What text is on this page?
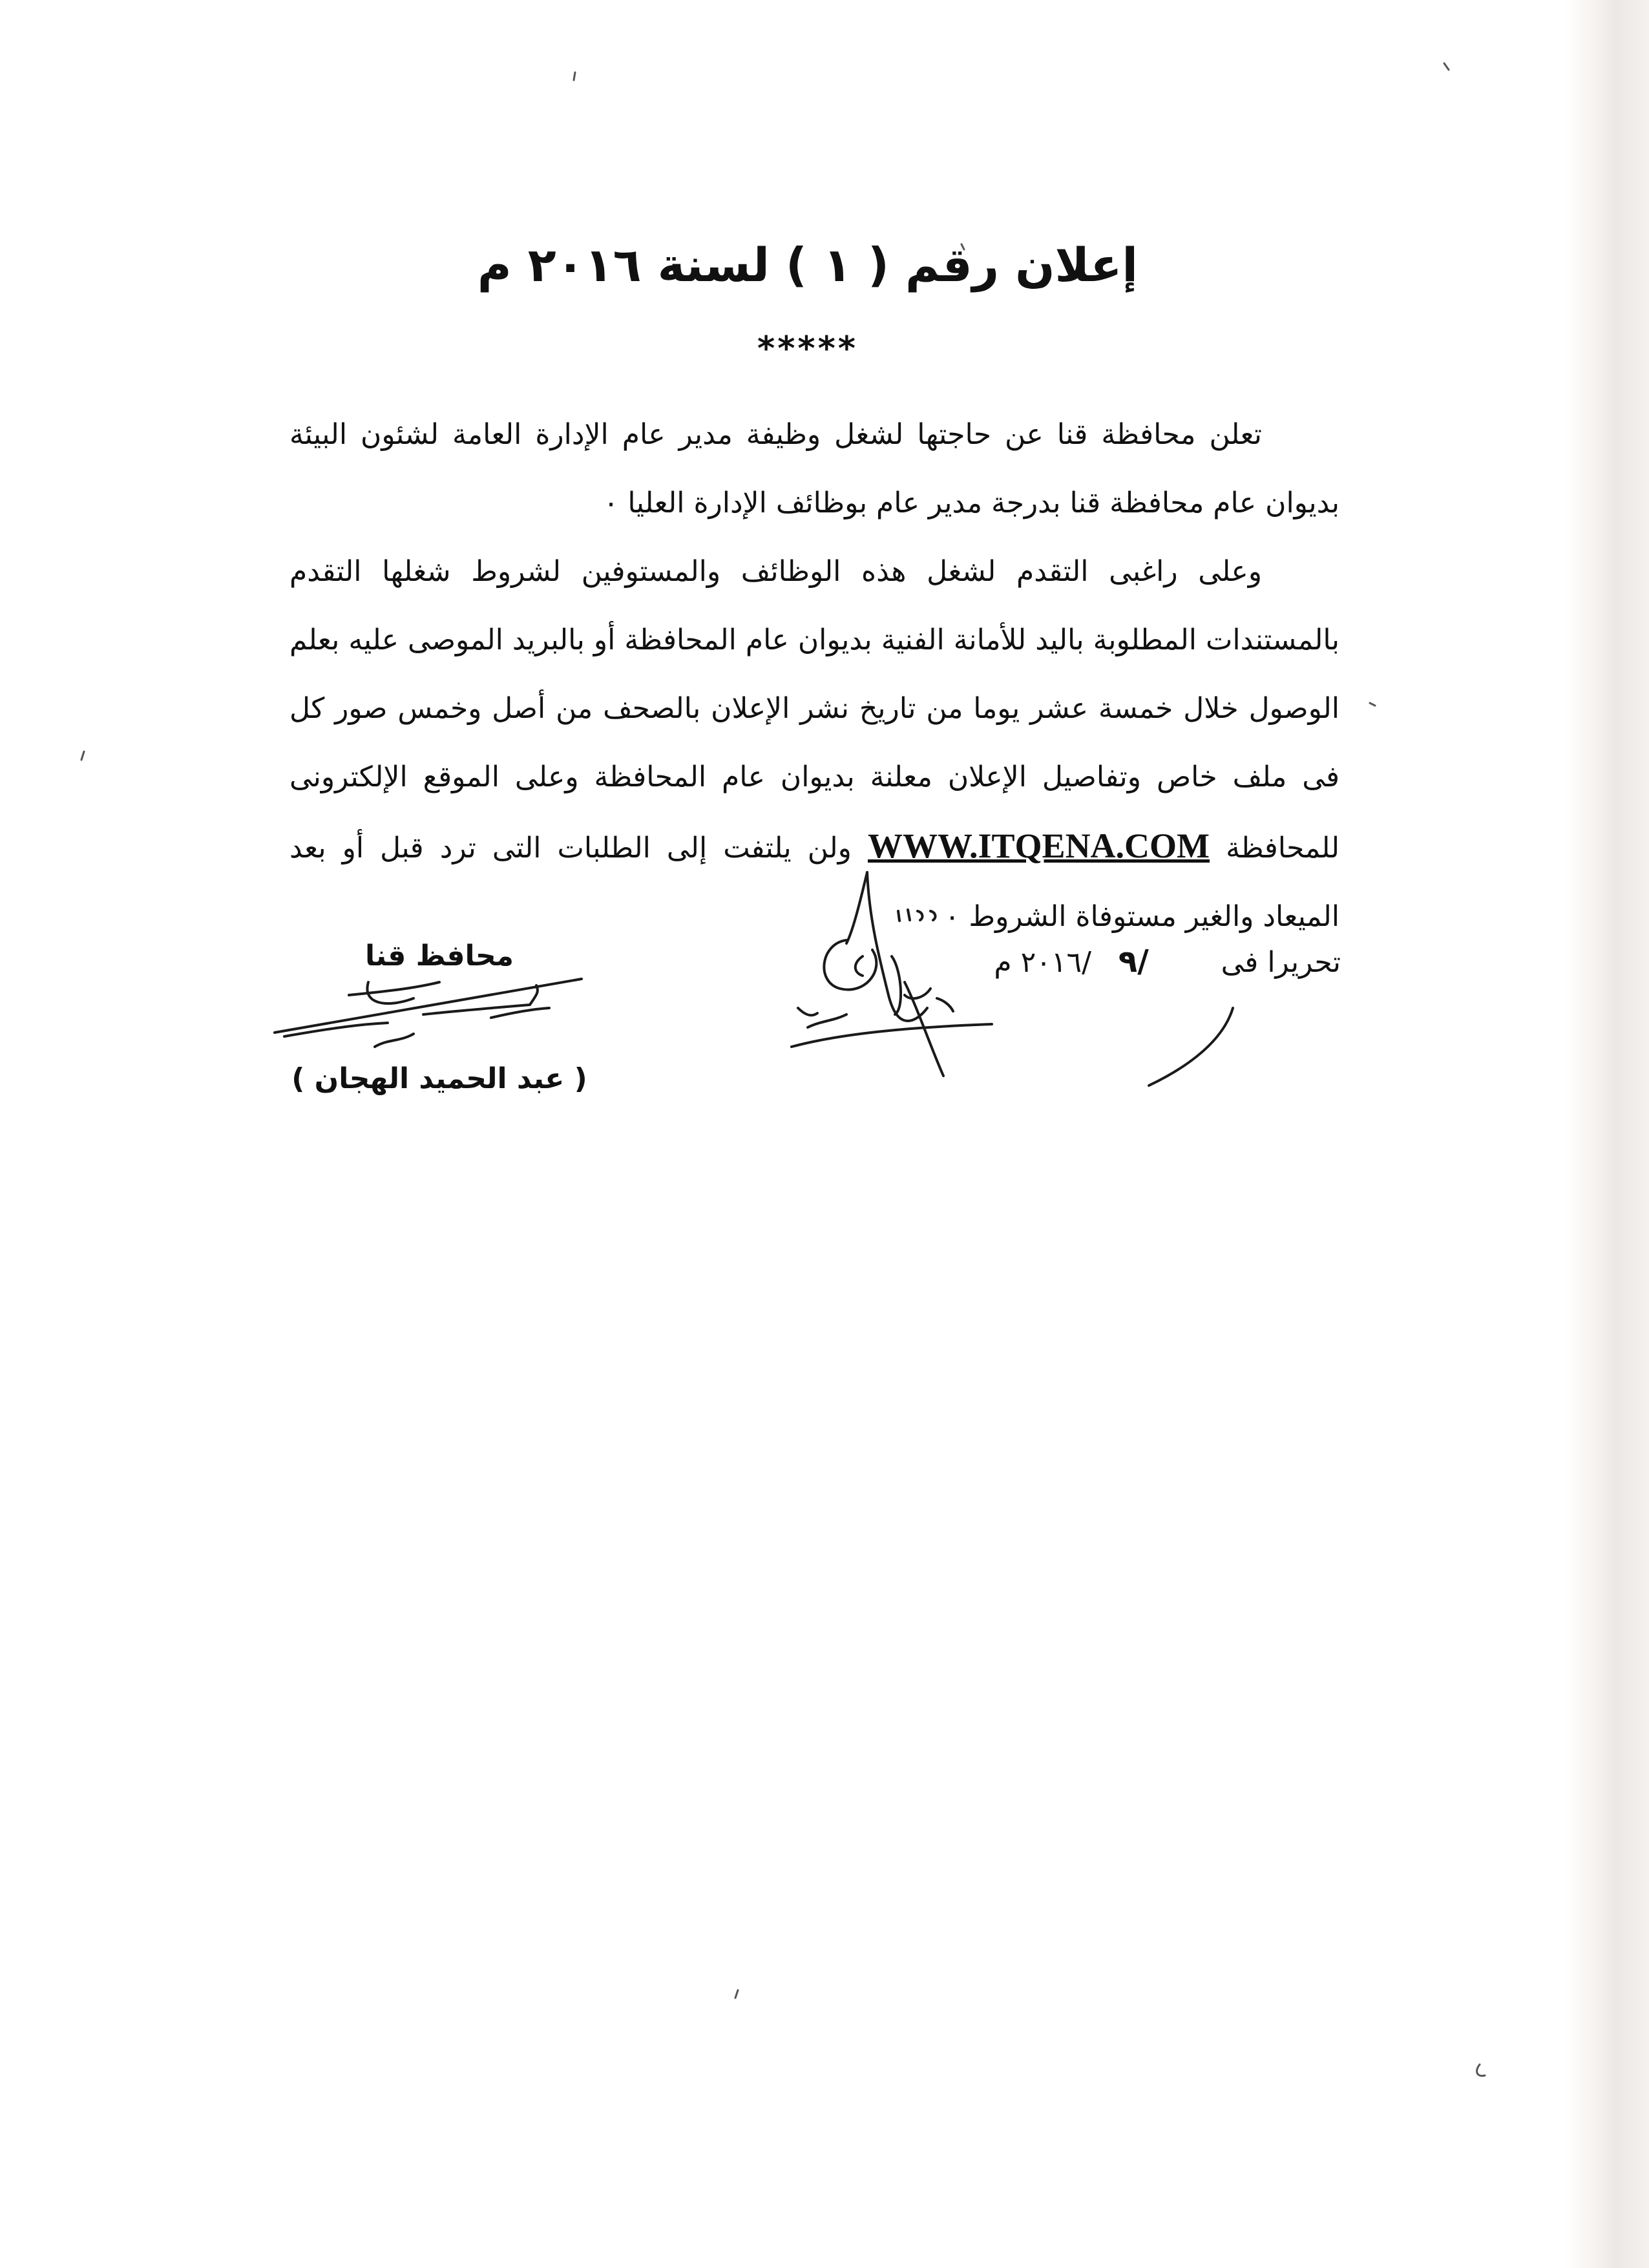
إعلان رقم ( ١ ) لسنة ٢٠١٦ م
*****

تعلن محافظة قنا عن حاجتها لشغل وظيفة مدير عام الإدارة العامة لشئون البيئة بديوان عام محافظة قنا بدرجة مدير عام بوظائف الإدارة العليا ٠

وعلى راغبى التقدم لشغل هذه الوظائف والمستوفين لشروط شغلها التقدم بالمستندات المطلوبة باليد للأمانة الفنية بديوان عام المحافظة أو بالبريد الموصى عليه بعلم الوصول خلال خمسة عشر يوما من تاريخ نشر الإعلان بالصحف من أصل وخمس صور كل فى ملف خاص وتفاصيل الإعلان معلنة بديوان عام المحافظة وعلى الموقع الإلكترونى للمحافظة WWW.ITQENA.COM ولن يلتفت إلى الطلبات التى ترد قبل أو بعد الميعاد والغير مستوفاة الشروط ٠

تحريرا فى        /٩   /٢٠١٦ م
محافظ قنا
( عبد الحميد الهجان )
